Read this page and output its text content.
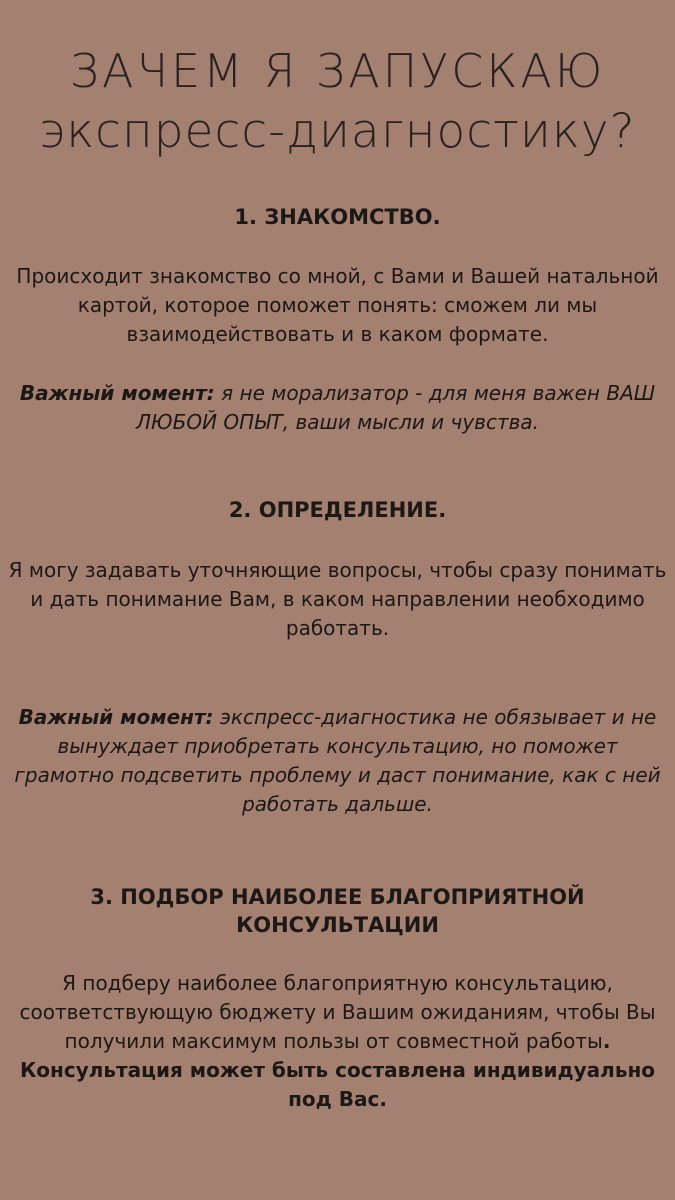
ЗАЧЕМ Я ЗАПУСКАЮ
экспресс-диагностику?
1. ЗНАКОМСТВО.
Происходит знакомство со мной, с Вами и Вашей натальной картой, которое поможет понять: сможем ли мы взаимодействовать и в каком формате.
Важный момент: я не морализатор - для меня важен ВАШ ЛЮБОЙ ОПЫТ, ваши мысли и чувства.
2. ОПРЕДЕЛЕНИЕ.
Я могу задавать уточняющие вопросы, чтобы сразу понимать и дать понимание Вам, в каком направлении необходимо работать.
Важный момент: экспресс-диагностика не обязывает и не вынуждает приобретать консультацию, но поможет грамотно подсветить проблему и даст понимание, как с ней работать дальше.
3. ПОДБОР НАИБОЛЕЕ БЛАГОПРИЯТНОЙ КОНСУЛЬТАЦИИ
Я подберу наиболее благоприятную консультацию, соответствующую бюджету и Вашим ожиданиям, чтобы Вы получили максимум пользы от совместной работы. Консультация может быть составлена индивидуально под Вас.
